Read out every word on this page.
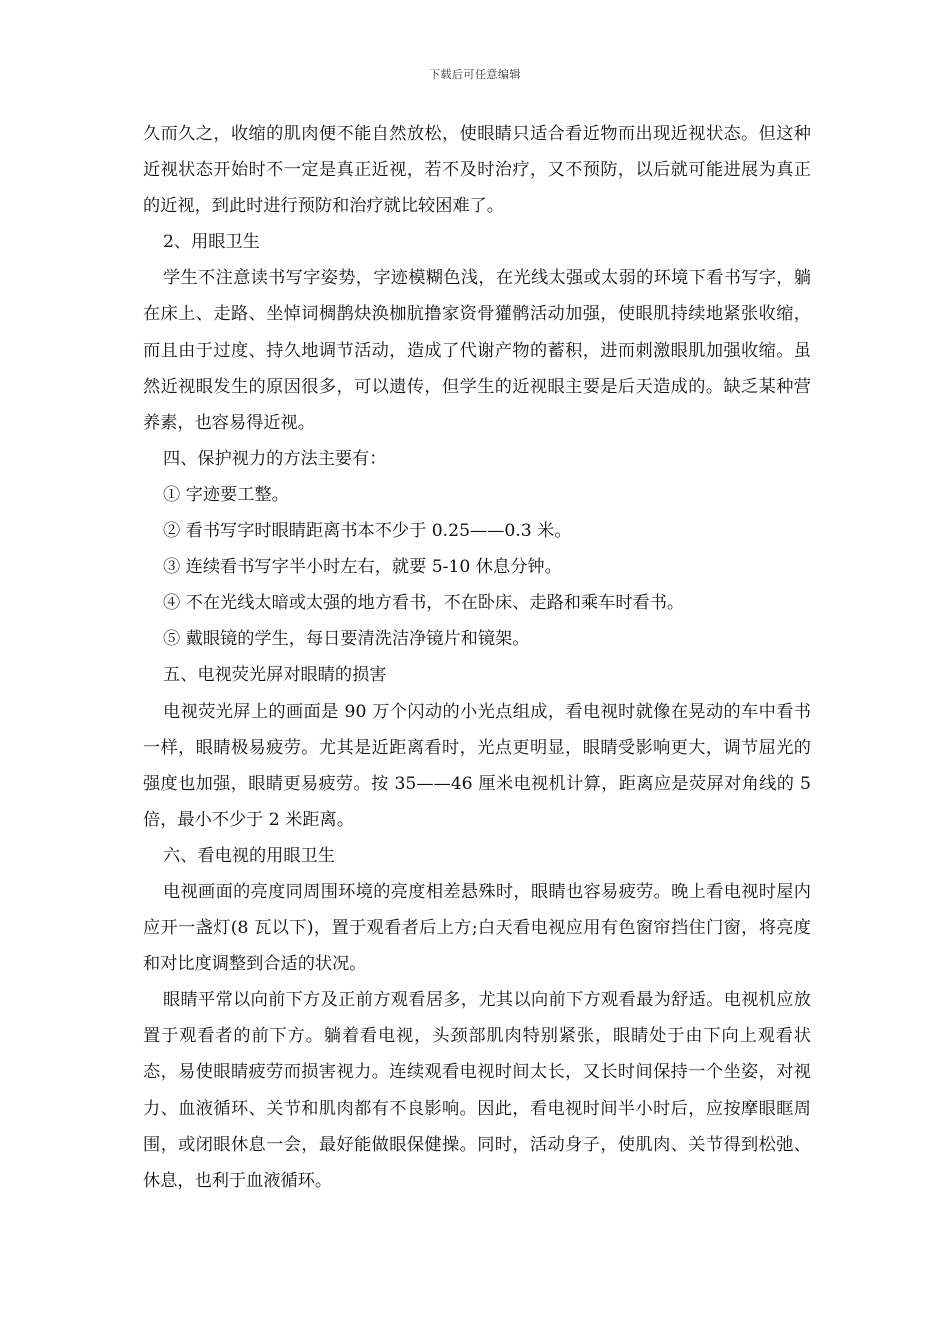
下载后可任意编辑

久而久之，收缩的肌肉便不能自然放松，使眼睛只适合看近物而出现近视状态。但这种近视状态开始时不一定是真正近视，若不及时治疗，又不预防，以后就可能进展为真正的近视，到此时进行预防和治疗就比较困难了。

2、用眼卫生

学生不注意读书写字姿势，字迹模糊色浅，在光线太强或太弱的环境下看书写字，躺在床上、走路、坐悼词椆鹊炔涣枷肮撸家资骨獾鹘活动加强，使眼肌持续地紧张收缩，而且由于过度、持久地调节活动，造成了代谢产物的蓄积，进而刺激眼肌加强收缩。虽然近视眼发生的原因很多，可以遗传，但学生的近视眼主要是后天造成的。缺乏某种营养素，也容易得近视。

四、保护视力的方法主要有：

① 字迹要工整。

② 看书写字时眼睛距离书本不少于 0.25——0.3 米。

③ 连续看书写字半小时左右，就要 5-10 休息分钟。

④ 不在光线太暗或太强的地方看书，不在卧床、走路和乘车时看书。

⑤ 戴眼镜的学生，每日要清洗洁净镜片和镜架。

五、电视荧光屏对眼睛的损害

电视荧光屏上的画面是 90 万个闪动的小光点组成，看电视时就像在晃动的车中看书一样，眼睛极易疲劳。尤其是近距离看时，光点更明显，眼睛受影响更大，调节屈光的强度也加强，眼睛更易疲劳。按 35——46 厘米电视机计算，距离应是荧屏对角线的 5 倍，最小不少于 2 米距离。

六、看电视的用眼卫生

电视画面的亮度同周围环境的亮度相差悬殊时，眼睛也容易疲劳。晚上看电视时屋内应开一盏灯(8 瓦以下)，置于观看者后上方;白天看电视应用有色窗帘挡住门窗，将亮度和对比度调整到合适的状况。

眼睛平常以向前下方及正前方观看居多，尤其以向前下方观看最为舒适。电视机应放置于观看者的前下方。躺着看电视，头颈部肌肉特别紧张，眼睛处于由下向上观看状态，易使眼睛疲劳而损害视力。连续观看电视时间太长，又长时间保持一个坐姿，对视力、血液循环、关节和肌肉都有不良影响。因此，看电视时间半小时后，应按摩眼眶周围，或闭眼休息一会，最好能做眼保健操。同时，活动身子，使肌肉、关节得到松弛、休息，也利于血液循环。
